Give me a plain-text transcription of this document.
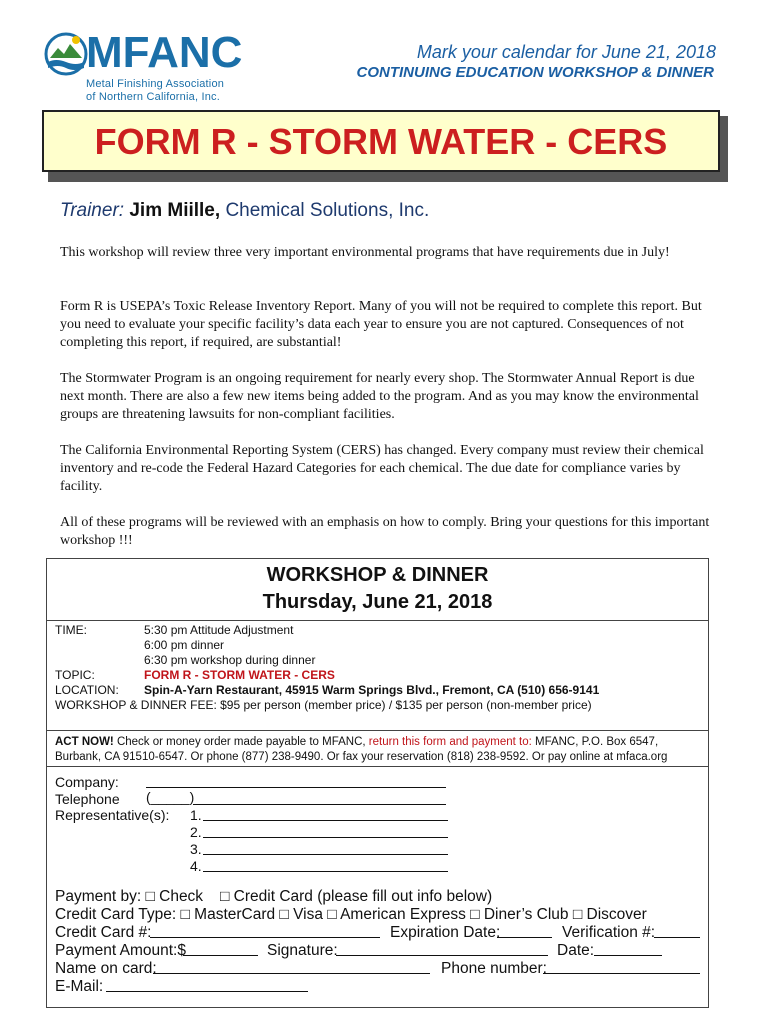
MFANC
Metal Finishing Association
of Northern California, Inc.
Mark your calendar for June 21, 2018
CONTINUING EDUCATION WORKSHOP & DINNER
FORM R - STORM WATER - CERS
Trainer: Jim Miille, Chemical Solutions, Inc.
This workshop will review three very important environmental programs that have requirements due in July!
Form R is USEPA’s Toxic Release Inventory Report. Many of you will not be required to complete this report. But you need to evaluate your specific facility’s data each year to ensure you are not captured. Consequences of not completing this report, if required, are substantial!
The Stormwater Program is an ongoing requirement for nearly every shop. The Stormwater Annual Report is due next month. There are also a few new items being added to the program. And as you may know the environmental groups are threatening lawsuits for non-compliant facilities.
The California Environmental Reporting System (CERS) has changed. Every company must review their chemical inventory and re-code the Federal Hazard Categories for each chemical. The due date for compliance varies by facility.
All of these programs will be reviewed with an emphasis on how to comply. Bring your questions for this important workshop !!!
WORKSHOP & DINNER
Thursday, June 21, 2018
TIME:	5:30 pm Attitude Adjustment
6:00 pm dinner
6:30 pm workshop during dinner
TOPIC:	FORM R - STORM WATER - CERS
LOCATION: Spin-A-Yarn Restaurant, 45915 Warm Springs Blvd., Fremont, CA (510) 656-9141
WORKSHOP & DINNER FEE: $95 per person (member price) / $135 per person (non-member price)
ACT NOW! Check or money order made payable to MFANC, return this form and payment to: MFANC, P.O. Box 6547,
Burbank, CA 91510-6547. Or phone (877) 238-9490. Or fax your reservation (818) 238-9592. Or pay online at mfaca.org
Company:
Telephone (_____)
Representative(s): 1.
2.
3.
4.
Payment by: □ Check □ Credit Card (please fill out info below)
Credit Card Type: □ MasterCard □ Visa □ American Express □ Diner’s Club □ Discover
Credit Card #:	Expiration Date:	Verification #:
Payment Amount:$	Signature:	Date:
Name on card:	Phone number:
E-Mail:
